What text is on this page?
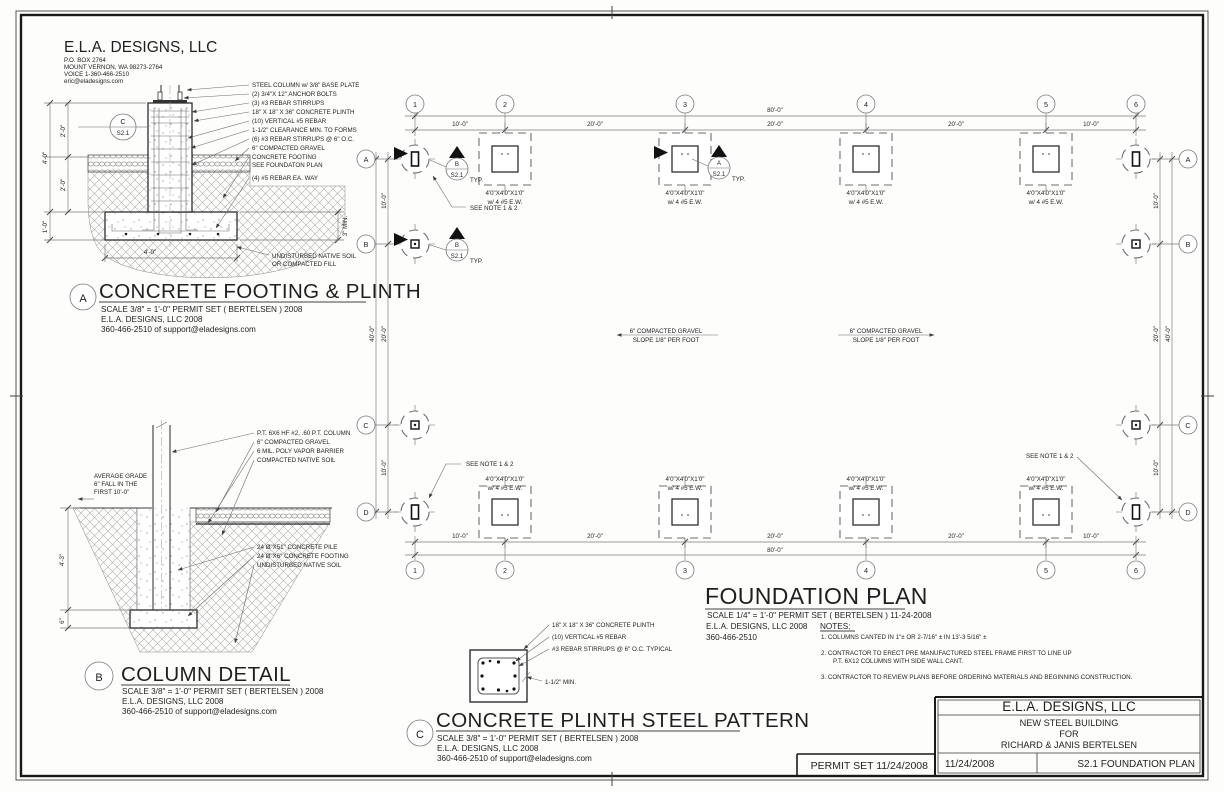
E.L.A. DESIGNS, LLC
P.O. BOX 2764
MOUNT VERNON, WA 98273-2764
VOICE 1-360-466-2510
eric@eladesigns.com
C
S2.1
2'-0"
2'-0"
4'-0"
1'-0"	3" MIN.
4'-0"
STEEL COLUMN w/ 3/8" BASE PLATE
(2) 3/4"X 12" ANCHOR BOLTS
(3) #3 REBAR STIRRUPS
18" X 18" X 36" CONCRETE PLINTH
(10) VERTICAL #5 REBAR
1-1/2" CLEARANCE MIN. TO FORMS
(6) #3 REBAR STIRRUPS @ 6" O.C.
6" COMPACTED GRAVEL
CONCRETE FOOTING
SEE FOUNDATON PLAN
(4) #5 REBAR EA. WAY
UNDISTURBED NATIVE SOIL
OR COMPACTED FILL
A CONCRETE FOOTING & PLINTH
SCALE 3/8" = 1'-0" PERMIT SET ( BERTELSEN ) 2008
E.L.A. DESIGNS, LLC 2008
360-466-2510 of support@eladesigns.com
4'-3"
6"
AVERAGE GRADE
6" FALL IN THE
FIRST 10'-0"
P.T. 6X6 HF #2, .60 P.T. COLUMN
6" COMPACTED GRAVEL
6 MIL. POLY VAPOR BARRIER
COMPACTED NATIVE SOIL
24 Ø"X51" CONCRETE PILE
24 Ø"X6" CONCRETE FOOTING
UNDISTURBED NATIVE SOIL
B COLUMN DETAIL
SCALE 3/8" = 1'-0" PERMIT SET ( BERTELSEN ) 2008
E.L.A. DESIGNS, LLC 2008
360-466-2510 of support@eladesigns.com
18" X 18" X 36" CONCRETE PLINTH
(10) VERTICAL #5 REBAR
#3 REBAR STIRRUPS @ 6" O.C. TYPICAL
1-1/2" MIN.
C
CONCRETE PLINTH STEEL PATTERN
SCALE 3/8" = 1'-0" PERMIT SET ( BERTELSEN ) 2008
E.L.A. DESIGNS, LLC 2008
360-466-2510 of support@eladesigns.com
80'-0"
10'-0"	20'-0"	20'-0"	20'-0"	10'-0"
10'-0"	20'-0"	20'-0"	20'-0"	10'-0"
80'-0"
10'-0"
20'-0"
40'-0"
10'-0"
10'-0"
20'-0" 40'-0"
10'-0"
1	2	3	4	5	6
1	2	3	4	5	6
A
B
C
D
A
B
C
D
4'0"X4'0"X1'0"
w/ 4 #5 E.W.
4'0"X4'0"X1'0"
w/ 4 #5 E.W.
4'0"X4'0"X1'0"
w/ 4 #5 E.W.
4'0"X4'0"X1'0"
w/ 4 #5 E.W.
4'0"X4'0"X1'0"
w/ 4 #5 E.W.
4'0"X4'0"X1'0"
w/ 4 #5 E.W.
4'0"X4'0"X1'0"
w/ 4 #5 E.W.
4'0"X4'0"X1'0"
w/ 4 #5 E.W.
B
S2.1
TYP.
B
S2.1
TYP.
A
S2.1
TYP.
SEE NOTE 1 & 2
SEE NOTE 1 & 2
SEE NOTE 1 & 2
6" COMPACTED GRAVEL
SLOPE 1/8" PER FOOT
6" COMPACTED GRAVEL
SLOPE 1/8" PER FOOT
FOUNDATION PLAN
SCALE 1/4" = 1'-0" PERMIT SET ( BERTELSEN ) 11-24-2008
E.L.A. DESIGNS, LLC 2008
360-466-2510
NOTES:
1. COLUMNS CANTED IN 1"± OR 2-7/16" ± IN 13'-3 5/16" ±
2. CONTRACTOR TO ERECT PRE MANUFACTURED STEEL FRAME FIRST TO LINE UP
P.T. 6X12 COLUMNS WITH SIDE WALL CANT.
3. CONTRACTOR TO REVIEW PLANS BEFORE ORDERING MATERIALS AND BEGINNING CONSTRUCTION.
E.L.A. DESIGNS, LLC
NEW STEEL BUILDING
FOR
RICHARD & JANIS BERTELSEN
11/24/2008	S2.1 FOUNDATION PLAN
PERMIT SET 11/24/2008
